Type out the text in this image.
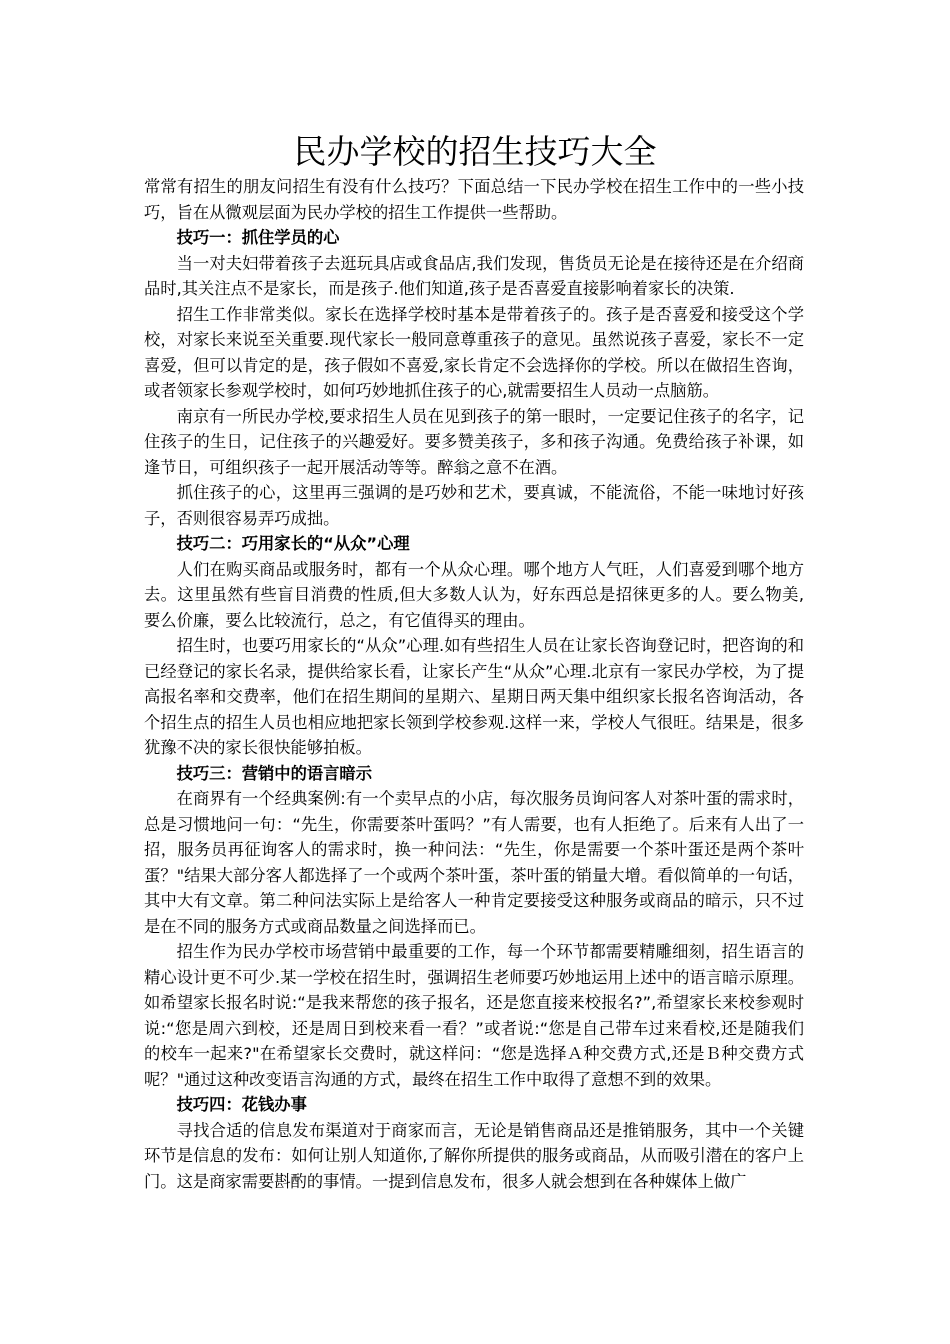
民办学校的招生技巧大全

常常有招生的朋友问招生有没有什么技巧？下面总结一下民办学校在招生工作中的一些小技巧，旨在从微观层面为民办学校的招生工作提供一些帮助。

技巧一：抓住学员的心

当一对夫妇带着孩子去逛玩具店或食品店,我们发现，售货员无论是在接待还是在介绍商品时,其关注点不是家长，而是孩子.他们知道,孩子是否喜爱直接影响着家长的决策.

招生工作非常类似。家长在选择学校时基本是带着孩子的。孩子是否喜爱和接受这个学校，对家长来说至关重要.现代家长一般同意尊重孩子的意见。虽然说孩子喜爱，家长不一定喜爱，但可以肯定的是，孩子假如不喜爱,家长肯定不会选择你的学校。所以在做招生咨询，或者领家长参观学校时，如何巧妙地抓住孩子的心,就需要招生人员动一点脑筋。

南京有一所民办学校,要求招生人员在见到孩子的第一眼时，一定要记住孩子的名字，记住孩子的生日，记住孩子的兴趣爱好。要多赞美孩子，多和孩子沟通。免费给孩子补课，如逢节日，可组织孩子一起开展活动等等。醉翁之意不在酒。

抓住孩子的心，这里再三强调的是巧妙和艺术，要真诚，不能流俗，不能一味地讨好孩子，否则很容易弄巧成拙。

技巧二：巧用家长的“从众”心理

人们在购买商品或服务时，都有一个从众心理。哪个地方人气旺，人们喜爱到哪个地方去。这里虽然有些盲目消费的性质,但大多数人认为，好东西总是招徕更多的人。要么物美,要么价廉，要么比较流行，总之，有它值得买的理由。

招生时，也要巧用家长的“从众”心理.如有些招生人员在让家长咨询登记时，把咨询的和已经登记的家长名录，提供给家长看，让家长产生“从众”心理.北京有一家民办学校，为了提高报名率和交费率，他们在招生期间的星期六、星期日两天集中组织家长报名咨询活动，各个招生点的招生人员也相应地把家长领到学校参观.这样一来，学校人气很旺。结果是，很多犹豫不决的家长很快能够拍板。

技巧三：营销中的语言暗示

在商界有一个经典案例:有一个卖早点的小店，每次服务员询问客人对茶叶蛋的需求时，总是习惯地问一句：“先生，你需要茶叶蛋吗？”有人需要，也有人拒绝了。后来有人出了一招，服务员再征询客人的需求时，换一种问法：“先生，你是需要一个茶叶蛋还是两个茶叶蛋？"结果大部分客人都选择了一个或两个茶叶蛋，茶叶蛋的销量大增。看似简单的一句话，其中大有文章。第二种问法实际上是给客人一种肯定要接受这种服务或商品的暗示，只不过是在不同的服务方式或商品数量之间选择而已。

招生作为民办学校市场营销中最重要的工作，每一个环节都需要精雕细刻，招生语言的精心设计更不可少.某一学校在招生时，强调招生老师要巧妙地运用上述中的语言暗示原理。如希望家长报名时说:“是我来帮您的孩子报名，还是您直接来校报名?”,希望家长来校参观时说:“您是周六到校，还是周日到校来看一看？”或者说:“您是自己带车过来看校,还是随我们的校车一起来?"在希望家长交费时，就这样问：“您是选择Ａ种交费方式,还是Ｂ种交费方式呢？"通过这种改变语言沟通的方式，最终在招生工作中取得了意想不到的效果。

技巧四：花钱办事

寻找合适的信息发布渠道对于商家而言，无论是销售商品还是推销服务，其中一个关键环节是信息的发布：如何让别人知道你,了解你所提供的服务或商品，从而吸引潜在的客户上门。这是商家需要斟酌的事情。一提到信息发布，很多人就会想到在各种媒体上做广
